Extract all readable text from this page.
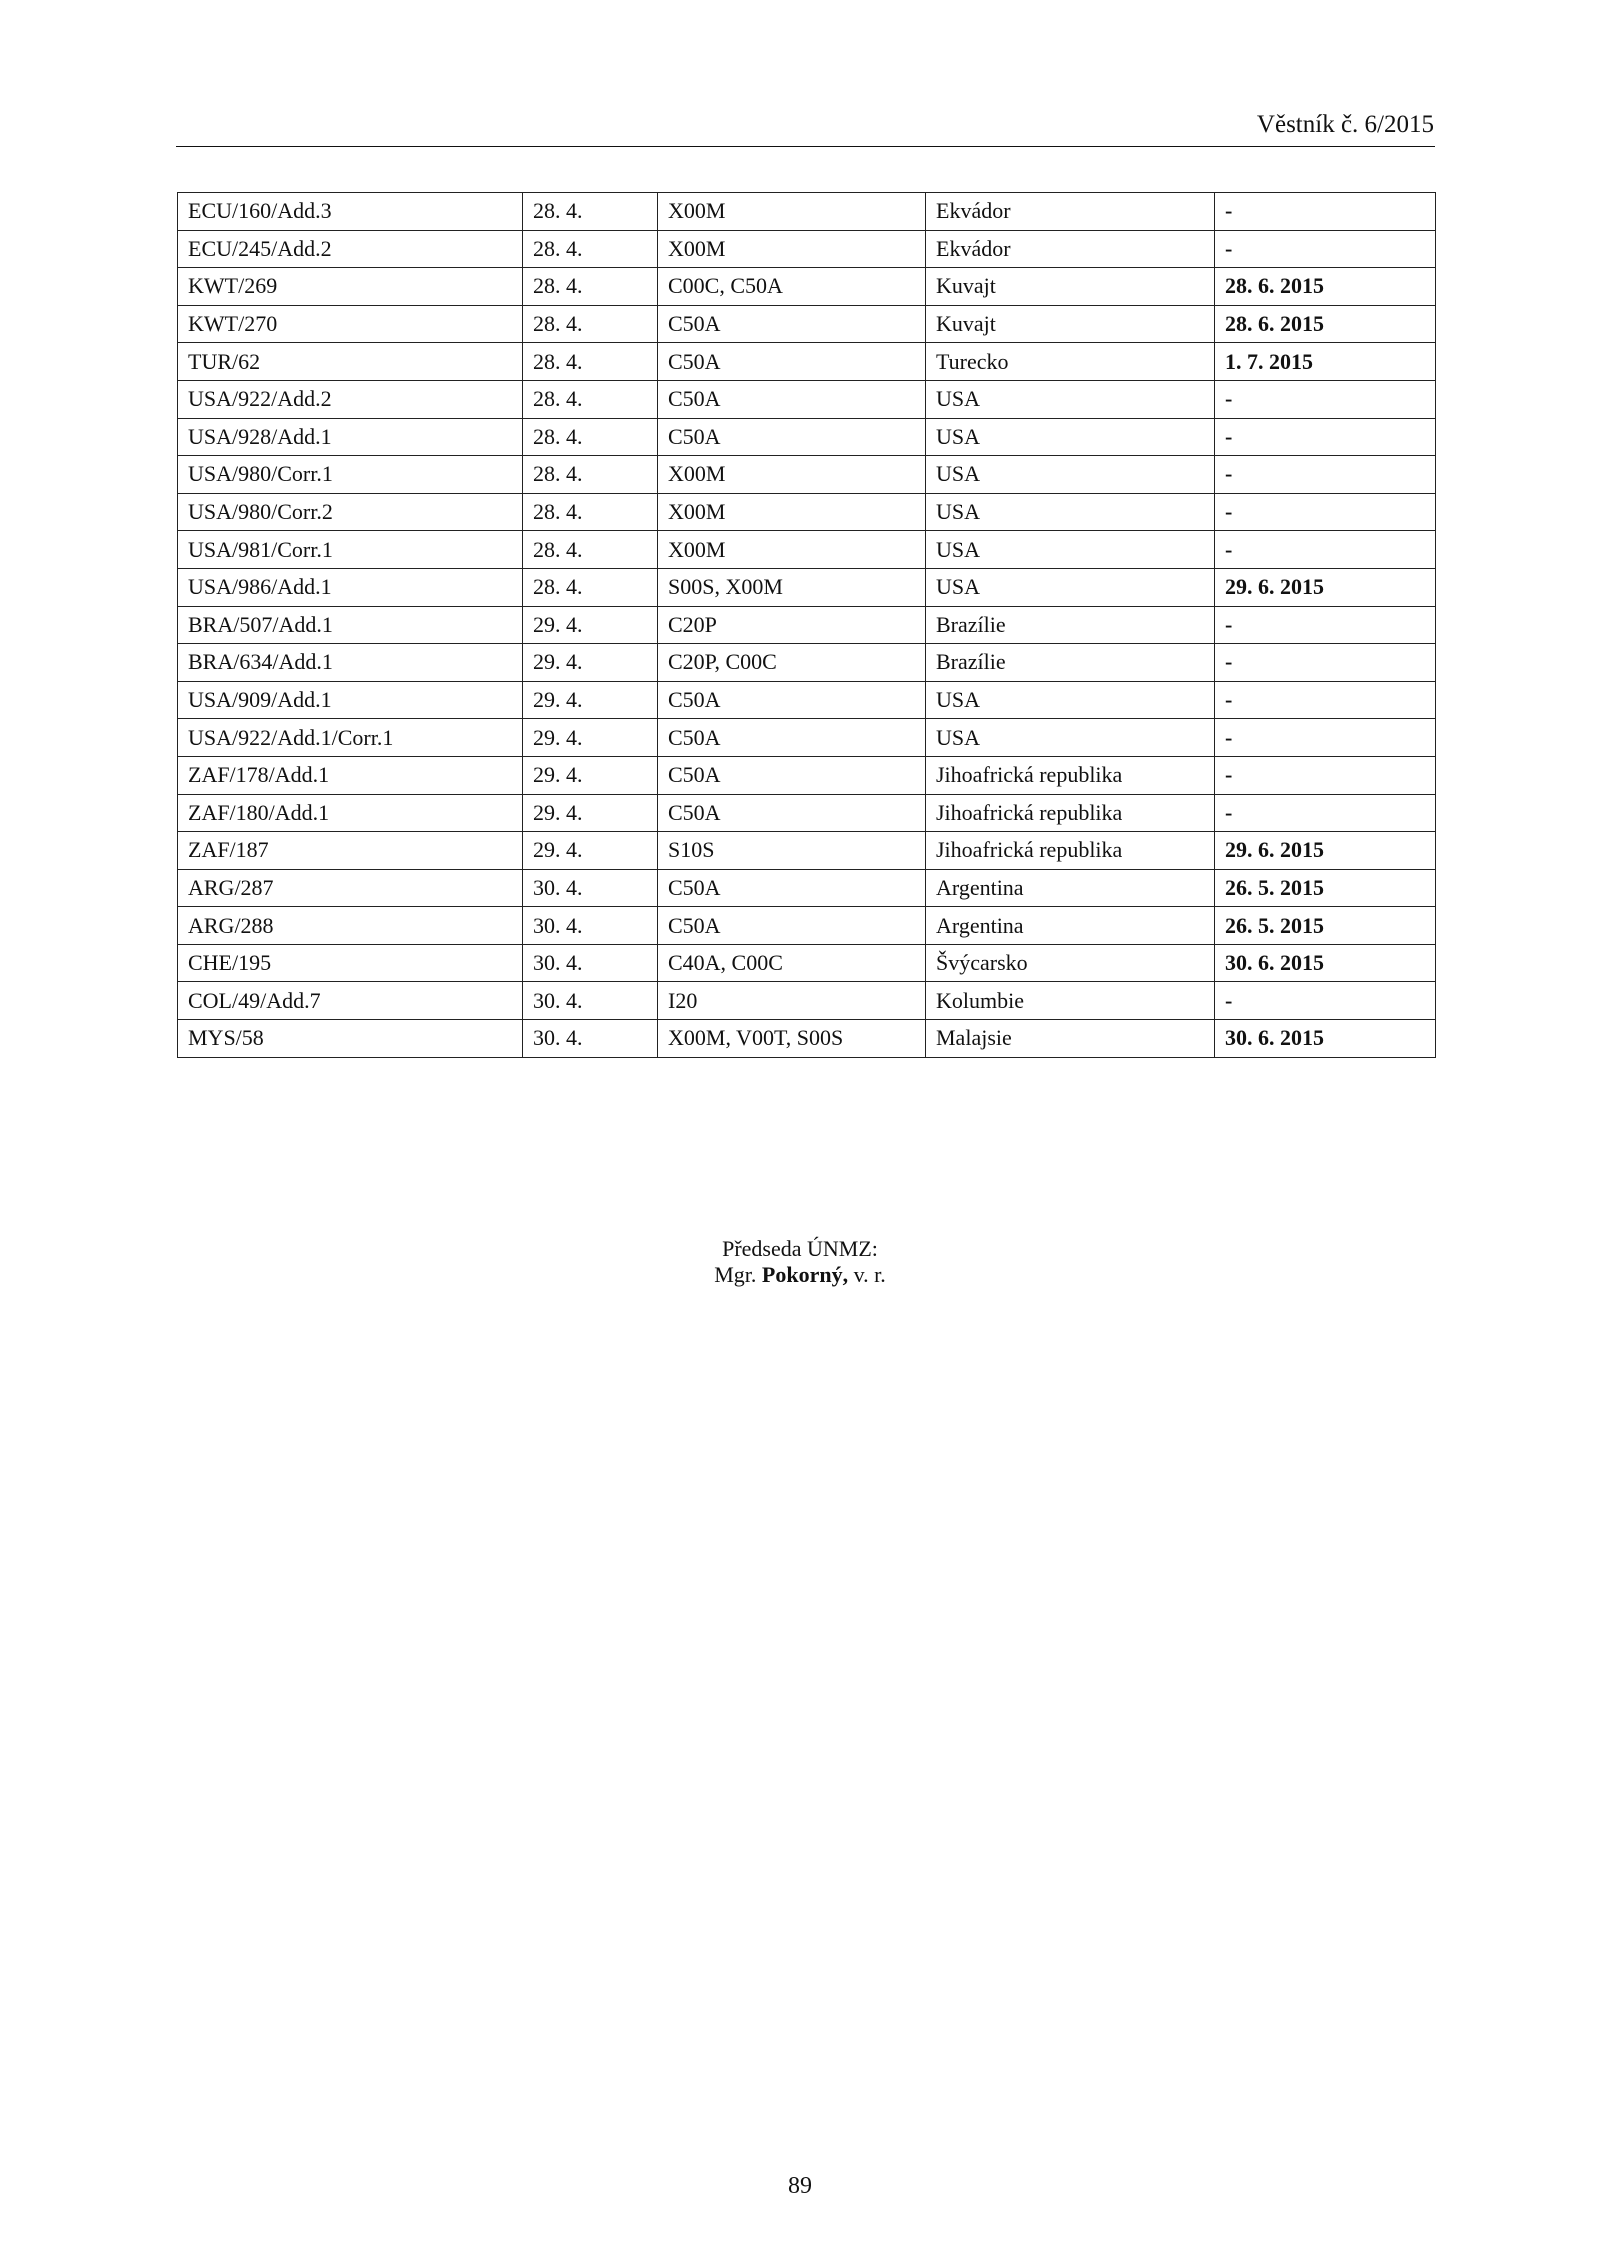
Věstník č. 6/2015
ECU/160/Add.3	28. 4.	X00M	Ekvádor	-
ECU/245/Add.2	28. 4.	X00M	Ekvádor	-
KWT/269	28. 4.	C00C, C50A	Kuvajt	28. 6. 2015
KWT/270	28. 4.	C50A	Kuvajt	28. 6. 2015
TUR/62	28. 4.	C50A	Turecko	1. 7. 2015
USA/922/Add.2	28. 4.	C50A	USA	-
USA/928/Add.1	28. 4.	C50A	USA	-
USA/980/Corr.1	28. 4.	X00M	USA	-
USA/980/Corr.2	28. 4.	X00M	USA	-
USA/981/Corr.1	28. 4.	X00M	USA	-
USA/986/Add.1	28. 4.	S00S, X00M	USA	29. 6. 2015
BRA/507/Add.1	29. 4.	C20P	Brazílie	-
BRA/634/Add.1	29. 4.	C20P, C00C	Brazílie	-
USA/909/Add.1	29. 4.	C50A	USA	-
USA/922/Add.1/Corr.1	29. 4.	C50A	USA	-
ZAF/178/Add.1	29. 4.	C50A	Jihoafrická republika	-
ZAF/180/Add.1	29. 4.	C50A	Jihoafrická republika	-
ZAF/187	29. 4.	S10S	Jihoafrická republika	29. 6. 2015
ARG/287	30. 4.	C50A	Argentina	26. 5. 2015
ARG/288	30. 4.	C50A	Argentina	26. 5. 2015
CHE/195	30. 4.	C40A, C00C	Švýcarsko	30. 6. 2015
COL/49/Add.7	30. 4.	I20	Kolumbie	-
MYS/58	30. 4.	X00M, V00T, S00S	Malajsie	30. 6. 2015
Předseda ÚNMZ:
Mgr. Pokorný, v. r.
89
